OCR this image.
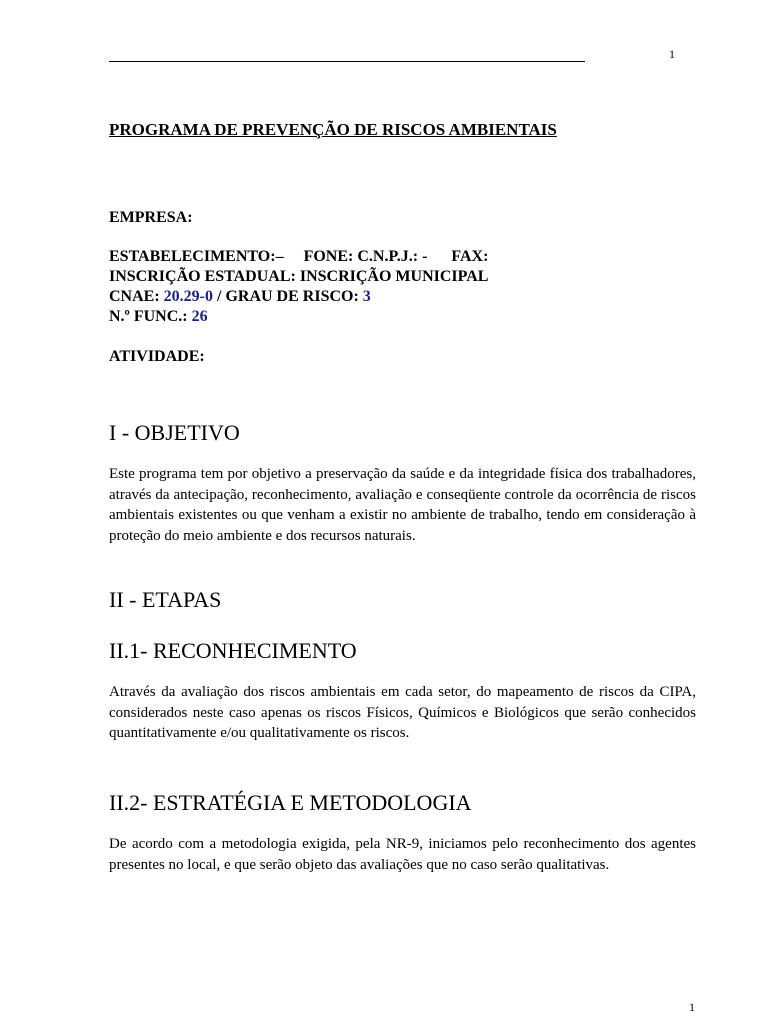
1
PROGRAMA DE PREVENÇÃO DE RISCOS AMBIENTAIS
EMPRESA:
ESTABELECIMENTO:– FONE: C.N.P.J.: - FAX:
INSCRIÇÃO ESTADUAL: INSCRIÇÃO MUNICIPAL
CNAE: 20.29-0 / GRAU DE RISCO: 3
N.º FUNC.: 26
ATIVIDADE:
I - OBJETIVO

Este programa tem por objetivo a preservação da saúde e da integridade física dos trabalhadores, através da antecipação, reconhecimento, avaliação e conseqüente controle da ocorrência de riscos ambientais existentes ou que venham a existir no ambiente de trabalho, tendo em consideração à proteção do meio ambiente e dos recursos naturais.

II - ETAPAS
II.1- RECONHECIMENTO

Através da avaliação dos riscos ambientais em cada setor, do mapeamento de riscos da CIPA, considerados neste caso apenas os riscos Físicos, Químicos e Biológicos que serão conhecidos quantitativamente e/ou qualitativamente os riscos.

II.2- ESTRATÉGIA E METODOLOGIA

De acordo com a metodologia exigida, pela NR-9, iniciamos pelo reconhecimento dos agentes presentes no local, e que serão objeto das avaliações que no caso serão qualitativas.

1
